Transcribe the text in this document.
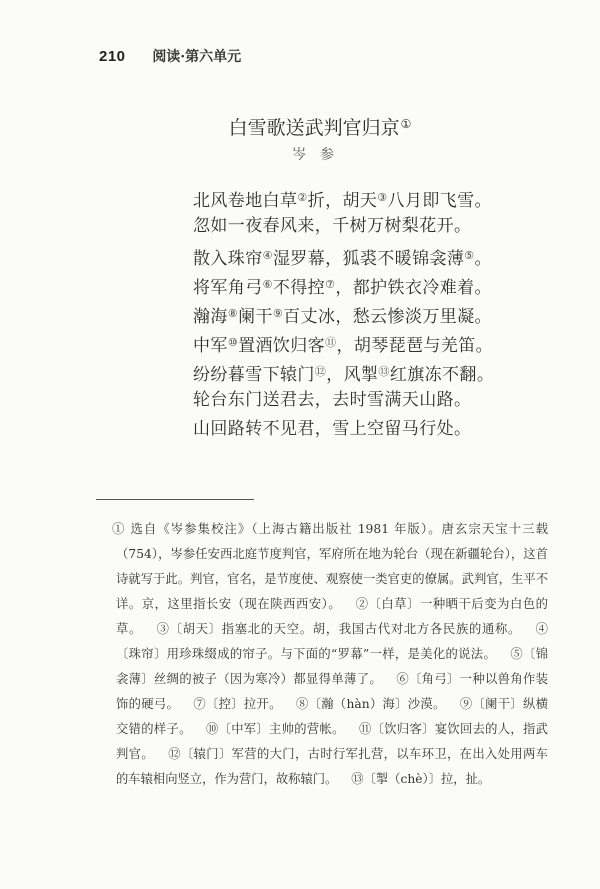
210 阅读·第六单元
白雪歌送武判官归京①
岑参
北风卷地白草②折，胡天③八月即飞雪。
忽如一夜春风来，千树万树梨花开。
散入珠帘④湿罗幕，狐裘不暖锦衾薄⑤。
将军角弓⑥不得控⑦，都护铁衣冷难着。
瀚海⑧阑干⑨百丈冰，愁云惨淡万里凝。
中军⑩置酒饮归客⑪，胡琴琵琶与羌笛。
纷纷暮雪下辕门⑫，风掣⑬红旗冻不翻。
轮台东门送君去，去时雪满天山路。
山回路转不见君，雪上空留马行处。

① 选自《岑参集校注》（上海古籍出版社 1981 年版）。唐玄宗天宝十三载（754），岑参任安西北庭节度判官，军府所在地为轮台（现在新疆轮台），这首诗就写于此。判官，官名，是节度使、观察使一类官吏的僚属。武判官，生平不详。京，这里指长安（现在陕西西安）。 ②〔白草〕一种晒干后变为白色的草。 ③〔胡天〕指塞北的天空。胡，我国古代对北方各民族的通称。 ④〔珠帘〕用珍珠缀成的帘子。与下面的“罗幕”一样，是美化的说法。 ⑤〔锦衾薄〕丝绸的被子（因为寒冷）都显得单薄了。 ⑥〔角弓〕一种以兽角作装饰的硬弓。 ⑦〔控〕拉开。 ⑧〔瀚（hàn）海〕沙漠。 ⑨〔阑干〕纵横交错的样子。 ⑩〔中军〕主帅的营帐。 ⑪〔饮归客〕宴饮回去的人，指武判官。 ⑫〔辕门〕军营的大门，古时行军扎营，以车环卫，在出入处用两车的车辕相向竖立，作为营门，故称辕门。 ⑬〔掣（chè）〕拉，扯。
